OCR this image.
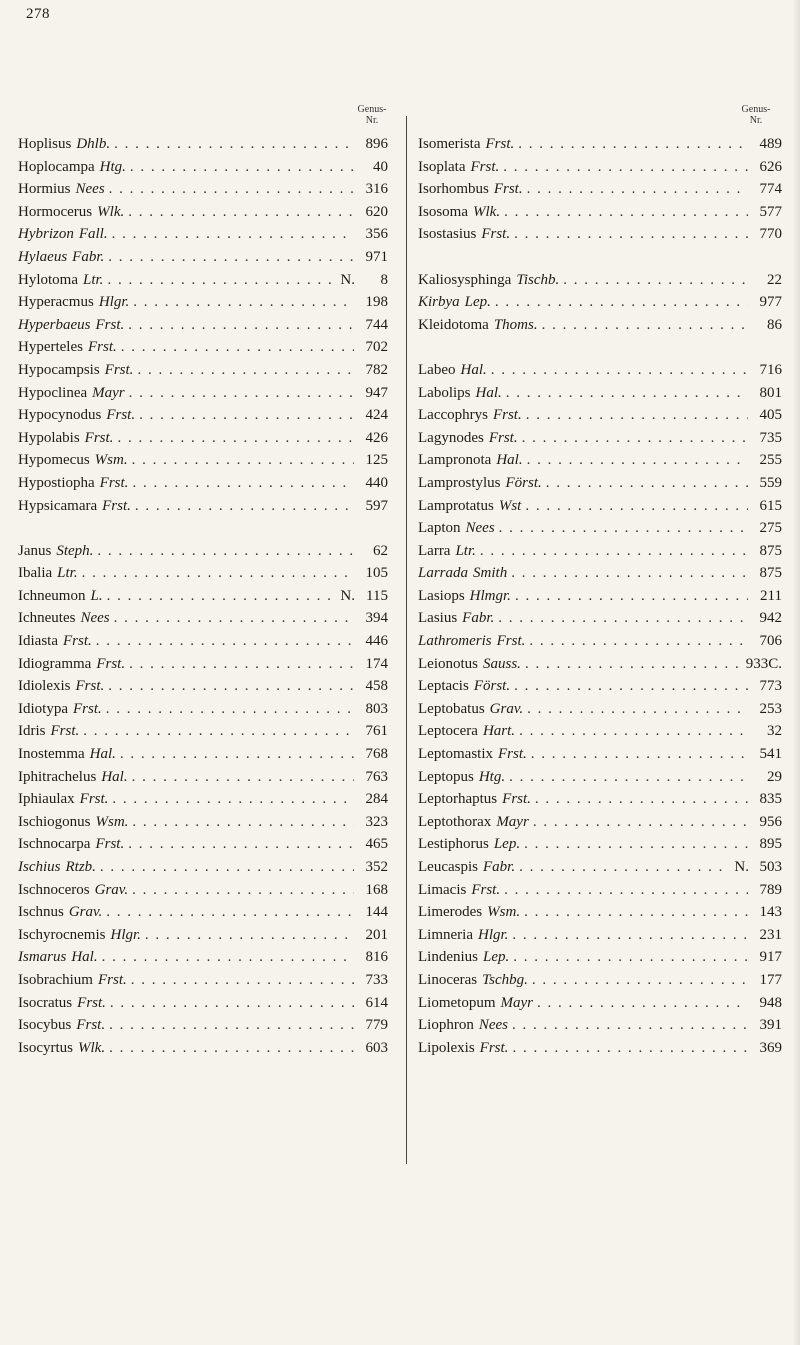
278
Genus-
Nr.
Hoplisus Dhlb. . . .	896
Hoplocampa Htg. . . .	40
Hormius Nees . . .	316
Hormocerus Wlk. . . .	620
Hybrizon Fall. . . .	356
Hylaeus Fabr. . . .	971
Hylotoma Ltr. . . .	N.	8
Hyperacmus Hlgr. . . .	198
Hyperbaeus Frst. . . .	744
Hyperteles Frst. . . .	702
Hypocampsis Frst. . . .	782
Hypoclinea Mayr . . .	947
Hypocynodus Frst. . . .	424
Hypolabis Frst. . . .	426
Hypomecus Wsm. . . .	125
Hypostiopha Frst. . . .	440
Hypsicamara Frst. . . .	597
Janus Steph. . . .	62
Ibalia Ltr. . . .	105
Ichneumon L. . . .	N. 115
Ichneutes Nees . . .	394
Idiasta Frst. . . .	446
Idiogramma Frst. . . .	174
Idiolexis Frst. . . .	458
Idiotypa Frst. . . .	803
Idris Frst. . . .	761
Inostemma Hal. . . .	768
Iphitrachelus Hal. . . .	763
Iphiaulax Frst. . . .	284
Ischiogonus Wsm. . . .	323
Ischnocarpa Frst. . . .	465
Ischius Rtzb. . . .	352
Ischnoceros Grav. . . .	168
Ischnus Grav. . . .	144
Ischyrocnemis Hlgr. . . .	201
Ismarus Hal. . . .	816
Isobrachium Frst. . . .	733
Isocratus Frst. . . .	614
Isocybus Frst. . . .	779
Isocyrtus Wlk. . . .	603
Genus-
Nr.
Isomerista Frst. . . .	489
Isoplata Frst. . . .	626
Isorhombus Frst. . . .	774
Isosoma Wlk. . . .	577
Isostasius Frst. . . .	770
Kaliosysphinga Tischb. . . .	22
Kirbya Lep. . . .	977
Kleidotoma Thoms. . . .	86
Labeo Hal. . . .	716
Labolips Hal. . . .	801
Laccophrys Frst. . . .	405
Lagynodes Frst. . . .	735
Lampronota Hal. . . .	255
Lamprostylus Först. . . .	559
Lamprotatus Wst . . .	615
Lapton Nees . . .	275
Larra Ltr. . . .	875
Larrada Smith . . .	875
Lasiops Hlmgr. . . .	211
Lasius Fabr. . . .	942
Lathromeris Frst. . . .	706
Leionotus Sauss. . . .	933C.
Leptacis Först. . . .	773
Leptobatus Grav. . . .	253
Leptocera Hart. . . .	32
Leptomastix Frst. . . .	541
Leptopus Htg. . . .	29
Leptorhaptus Frst. . . .	835
Leptothorax Mayr . . .	956
Lestiphorus Lep. . . .	895
Leucaspis Fabr. . . .	N. 503
Limacis Frst. . . .	789
Limerodes Wsm. . . .	143
Limneria Hlgr. . . .	231
Lindenius Lep. . . .	917
Linoceras Tschbg. . . .	177
Liometopum Mayr . . .	948
Liophron Nees . . .	391
Lipolexis Frst. . . .	369
